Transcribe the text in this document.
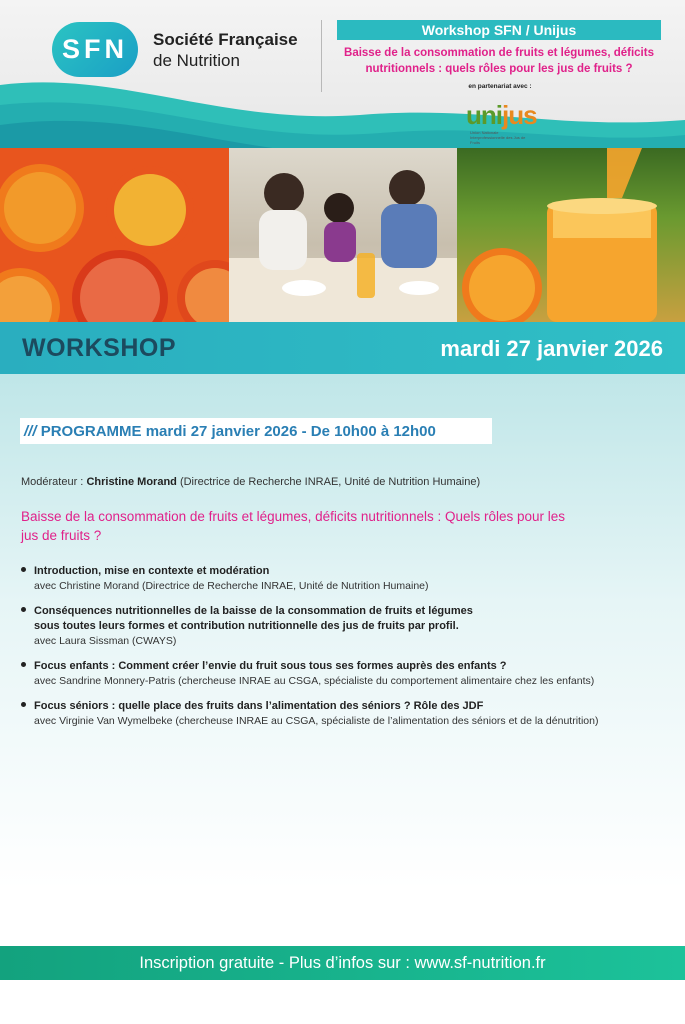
SFN	Société Française
de Nutrition
Workshop SFN / Unijus
Baisse de la consommation de fruits et légumes, déficits nutritionnels : quels rôles pour les jus de fruits ?
en partenariat avec :
unijus
Union Nationale Interprofessionnelle des Jus de Fruits
WORKSHOP	mardi 27 janvier 2026
/// PROGRAMME mardi 27 janvier 2026 - De 10h00 à 12h00
Modérateur : Christine Morand (Directrice de Recherche INRAE, Unité de Nutrition Humaine)
Baisse de la consommation de fruits et légumes, déficits nutritionnels : Quels rôles pour les jus de fruits ?
Introduction, mise en contexte et modération
avec Christine Morand (Directrice de Recherche INRAE, Unité de Nutrition Humaine)
Conséquences nutritionnelles de la baisse de la consommation de fruits et légumes
sous toutes leurs formes et contribution nutritionnelle des jus de fruits par profil.
avec Laura Sissman (CWAYS)
Focus enfants : Comment créer l’envie du fruit sous tous ses formes auprès des enfants ?
avec Sandrine Monnery-Patris (chercheuse INRAE au CSGA, spécialiste du comportement alimentaire chez les enfants)
Focus séniors : quelle place des fruits dans l’alimentation des séniors ? Rôle des JDF
avec Virginie Van Wymelbeke (chercheuse INRAE au CSGA, spécialiste de l’alimentation des séniors et de la dénutrition)
Inscription gratuite - Plus d’infos sur : www.sf-nutrition.fr
